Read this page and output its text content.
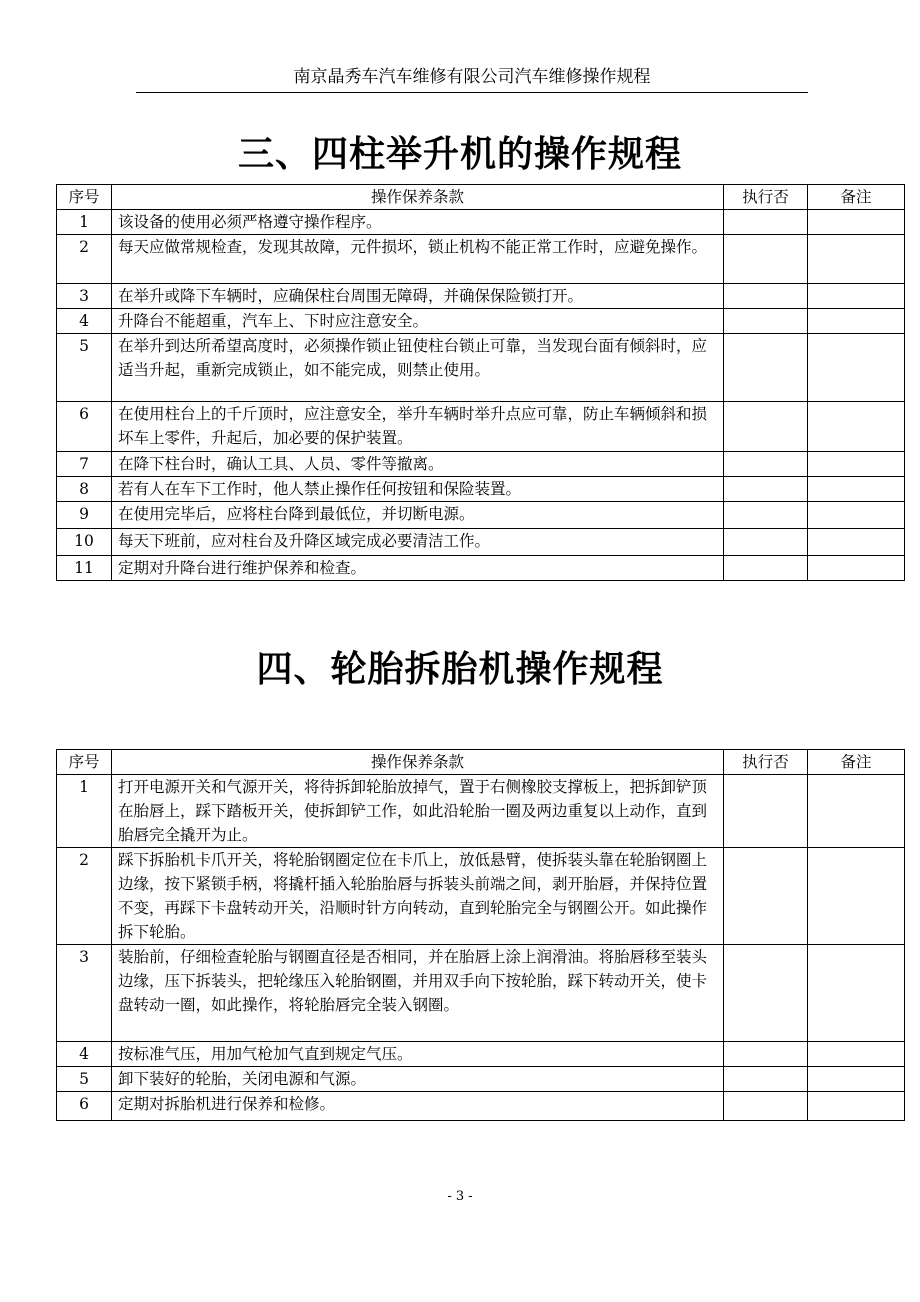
南京晶秀车汽车维修有限公司汽车维修操作规程
三、四柱举升机的操作规程
序号	操作保养条款	执行否	备注
1	该设备的使用必须严格遵守操作程序。		
2	每天应做常规检查，发现其故障，元件损坏，锁止机构不能正常工作时，应避免操作。		
3	在举升或降下车辆时，应确保柱台周围无障碍，并确保保险锁打开。		
4	升降台不能超重，汽车上、下时应注意安全。		
5	在举升到达所希望高度时，必须操作锁止钮使柱台锁止可靠，当发现台面有倾斜时，应适当升起，重新完成锁止，如不能完成，则禁止使用。		
6	在使用柱台上的千斤顶时，应注意安全，举升车辆时举升点应可靠，防止车辆倾斜和损坏车上零件，升起后，加必要的保护装置。		
7	在降下柱台时，确认工具、人员、零件等撤离。		
8	若有人在车下工作时，他人禁止操作任何按钮和保险装置。		
9	在使用完毕后，应将柱台降到最低位，并切断电源。		
10	每天下班前，应对柱台及升降区域完成必要清洁工作。		
11	定期对升降台进行维护保养和检查。		
四、轮胎拆胎机操作规程
序号	操作保养条款	执行否	备注
1	打开电源开关和气源开关，将待拆卸轮胎放掉气，置于右侧橡胶支撑板上，把拆卸铲顶在胎唇上，踩下踏板开关，使拆卸铲工作，如此沿轮胎一圈及两边重复以上动作，直到胎唇完全撬开为止。		
2	踩下拆胎机卡爪开关，将轮胎钢圈定位在卡爪上，放低悬臂，使拆装头靠在轮胎钢圈上边缘，按下紧锁手柄，将撬杆插入轮胎胎唇与拆装头前端之间，剥开胎唇，并保持位置不变，再踩下卡盘转动开关，沿顺时针方向转动，直到轮胎完全与钢圈公开。如此操作拆下轮胎。		
3	装胎前，仔细检查轮胎与钢圈直径是否相同，并在胎唇上涂上润滑油。将胎唇移至装头边缘，压下拆装头，把轮缘压入轮胎钢圈，并用双手向下按轮胎，踩下转动开关，使卡盘转动一圈，如此操作，将轮胎唇完全装入钢圈。		
4	按标准气压，用加气枪加气直到规定气压。		
5	卸下装好的轮胎，关闭电源和气源。		
6	定期对拆胎机进行保养和检修。		
- 3 -
